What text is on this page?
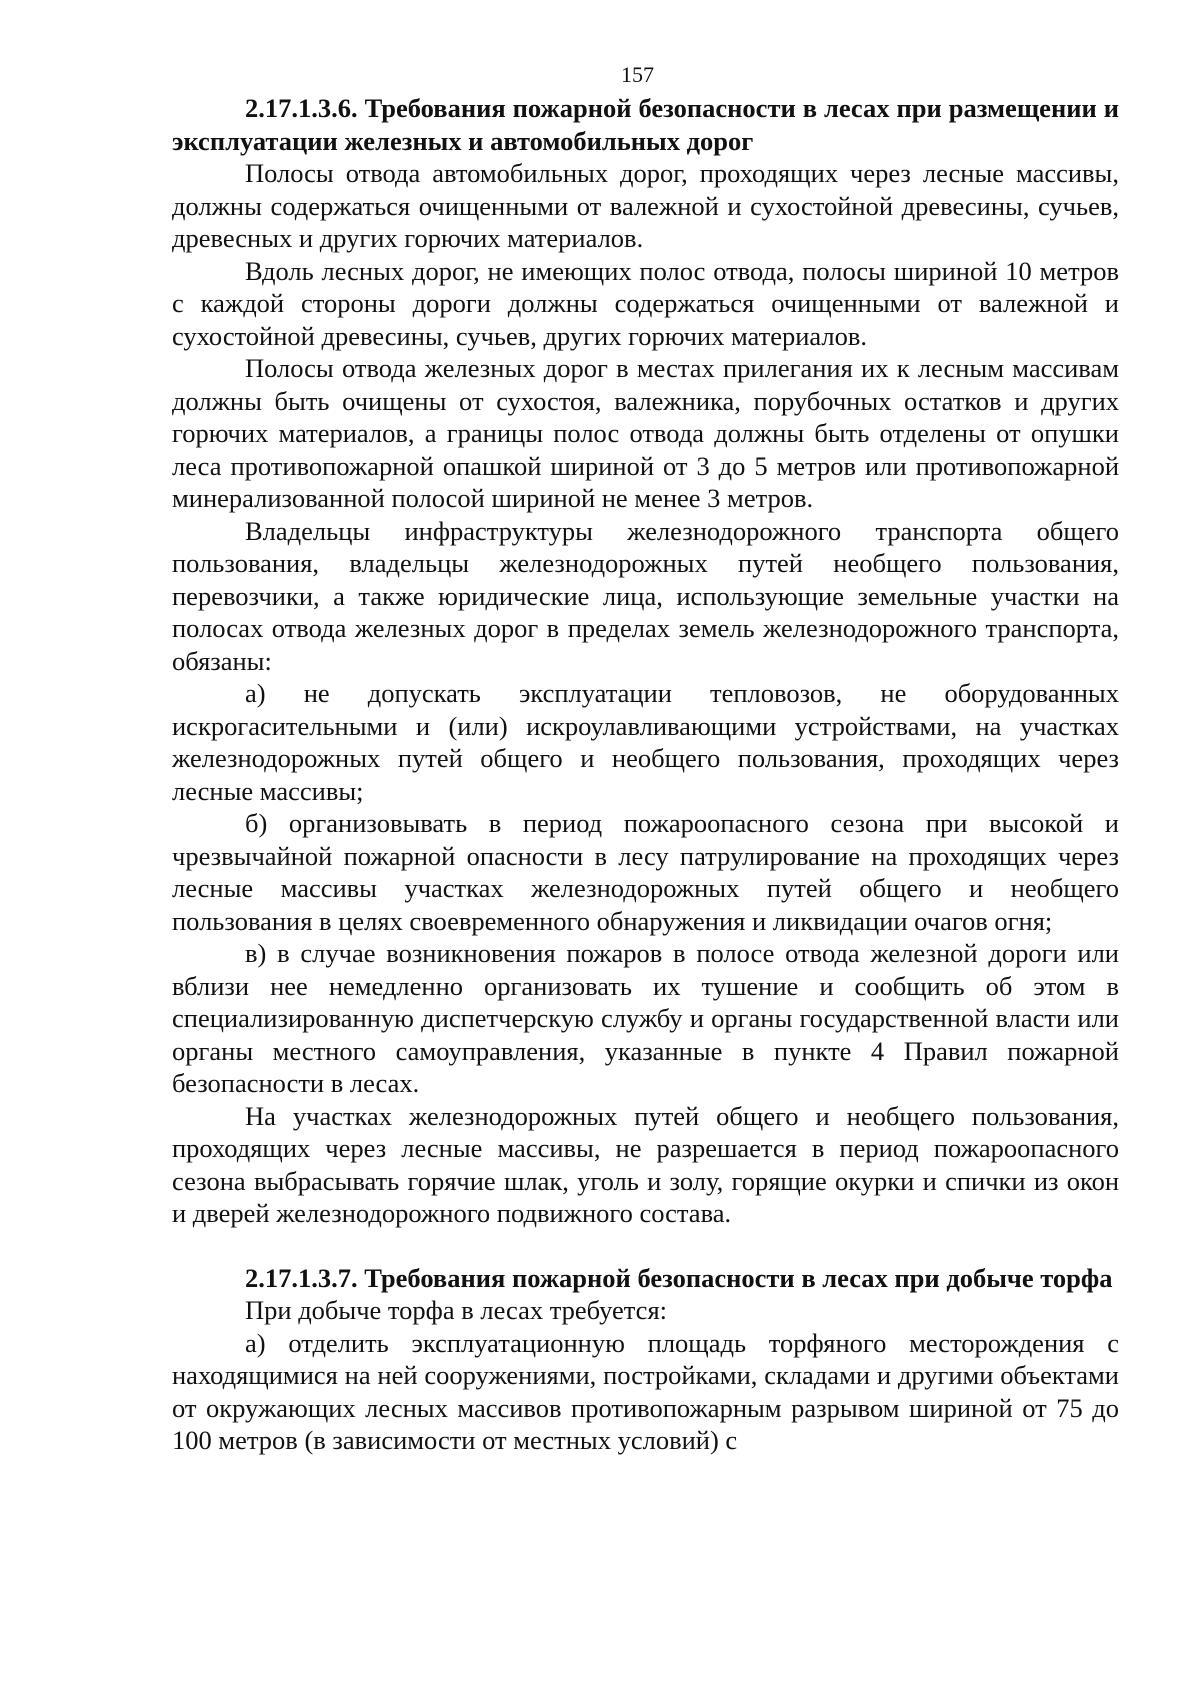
157

2.17.1.3.6. Требования пожарной безопасности в лесах при размещении и эксплуатации железных и автомобильных дорог

Полосы отвода автомобильных дорог, проходящих через лесные массивы, должны содержаться очищенными от валежной и сухостойной древесины, сучьев, древесных и других горючих материалов.

Вдоль лесных дорог, не имеющих полос отвода, полосы шириной 10 метров с каждой стороны дороги должны содержаться очищенными от валежной и сухостойной древесины, сучьев, других горючих материалов.

Полосы отвода железных дорог в местах прилегания их к лесным массивам должны быть очищены от сухостоя, валежника, порубочных остатков и других горючих материалов, а границы полос отвода должны быть отделены от опушки леса противопожарной опашкой шириной от 3 до 5 метров или противопожарной минерализованной полосой шириной не менее 3 метров.

Владельцы инфраструктуры железнодорожного транспорта общего пользования, владельцы железнодорожных путей необщего пользования, перевозчики, а также юридические лица, использующие земельные участки на полосах отвода железных дорог в пределах земель железнодорожного транспорта, обязаны:

а) не допускать эксплуатации тепловозов, не оборудованных искрогасительными и (или) искроулавливающими устройствами, на участках железнодорожных путей общего и необщего пользования, проходящих через лесные массивы;

б) организовывать в период пожароопасного сезона при высокой и чрезвычайной пожарной опасности в лесу патрулирование на проходящих через лесные массивы участках железнодорожных путей общего и необщего пользования в целях своевременного обнаружения и ликвидации очагов огня;

в) в случае возникновения пожаров в полосе отвода железной дороги или вблизи нее немедленно организовать их тушение и сообщить об этом в специализированную диспетчерскую службу и органы государственной власти или органы местного самоуправления, указанные в пункте 4 Правил пожарной безопасности в лесах.

На участках железнодорожных путей общего и необщего пользования, проходящих через лесные массивы, не разрешается в период пожароопасного сезона выбрасывать горячие шлак, уголь и золу, горящие окурки и спички из окон и дверей железнодорожного подвижного состава.

2.17.1.3.7. Требования пожарной безопасности в лесах при добыче торфа

При добыче торфа в лесах требуется:

а) отделить эксплуатационную площадь торфяного месторождения с находящимися на ней сооружениями, постройками, складами и другими объектами от окружающих лесных массивов противопожарным разрывом шириной от 75 до 100 метров (в зависимости от местных условий) с
